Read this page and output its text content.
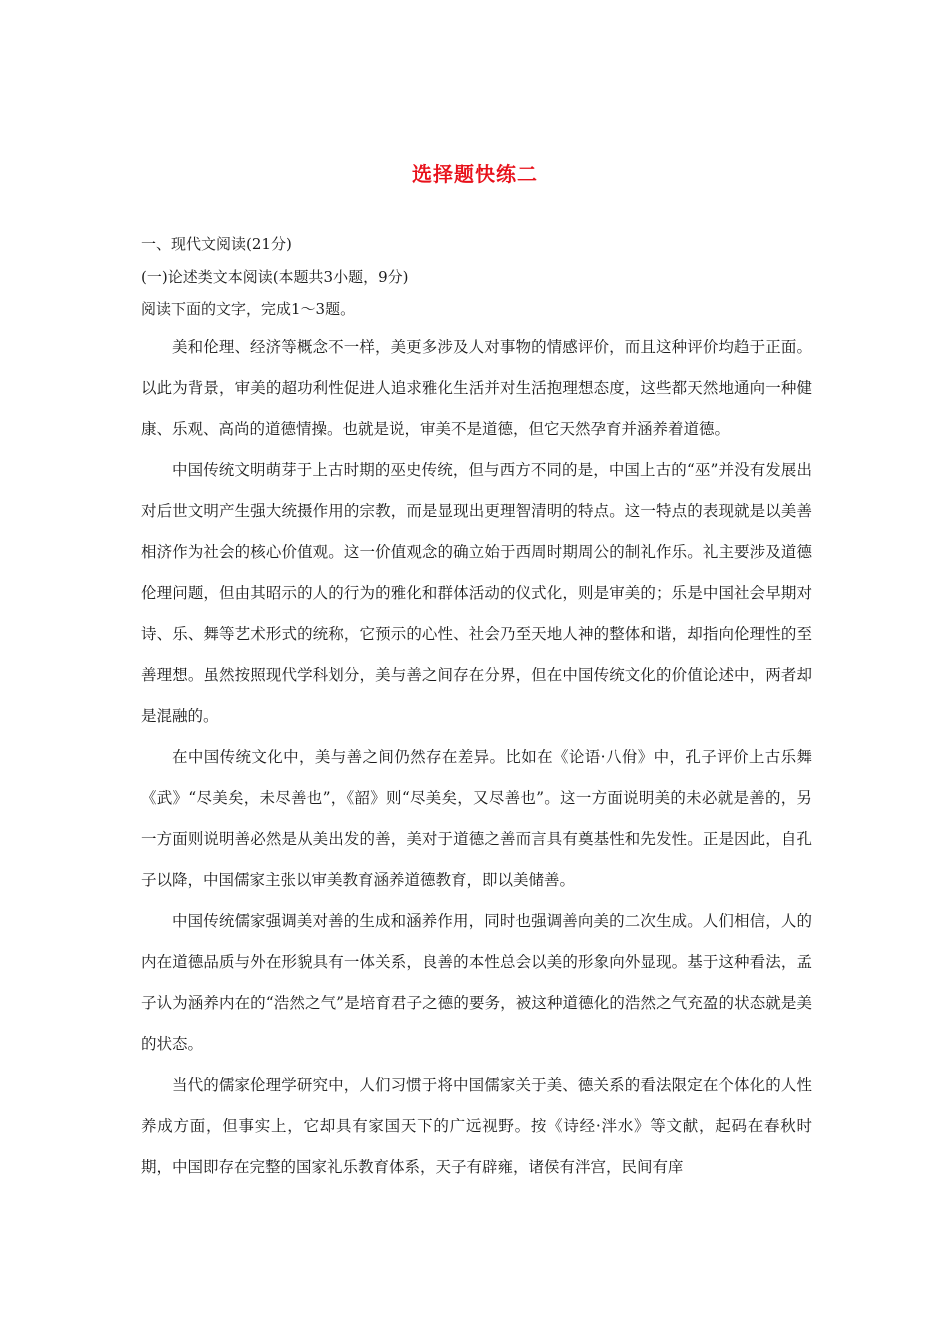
选择题快练二
一、现代文阅读(21分)
(一)论述类文本阅读(本题共3小题，9分)
阅读下面的文字，完成1～3题。

美和伦理、经济等概念不一样，美更多涉及人对事物的情感评价，而且这种评价均趋于正面。以此为背景，审美的超功利性促进人追求雅化生活并对生活抱理想态度，这些都天然地通向一种健康、乐观、高尚的道德情操。也就是说，审美不是道德，但它天然孕育并涵养着道德。

中国传统文明萌芽于上古时期的巫史传统，但与西方不同的是，中国上古的“巫”并没有发展出对后世文明产生强大统摄作用的宗教，而是显现出更理智清明的特点。这一特点的表现就是以美善相济作为社会的核心价值观。这一价值观念的确立始于西周时期周公的制礼作乐。礼主要涉及道德伦理问题，但由其昭示的人的行为的雅化和群体活动的仪式化，则是审美的；乐是中国社会早期对诗、乐、舞等艺术形式的统称，它预示的心性、社会乃至天地人神的整体和谐，却指向伦理性的至善理想。虽然按照现代学科划分，美与善之间存在分界，但在中国传统文化的价值论述中，两者却是混融的。

在中国传统文化中，美与善之间仍然存在差异。比如在《论语·八佾》中，孔子评价上古乐舞《武》“尽美矣，未尽善也”，《韶》则“尽美矣，又尽善也”。这一方面说明美的未必就是善的，另一方面则说明善必然是从美出发的善，美对于道德之善而言具有奠基性和先发性。正是因此，自孔子以降，中国儒家主张以审美教育涵养道德教育，即以美储善。

中国传统儒家强调美对善的生成和涵养作用，同时也强调善向美的二次生成。人们相信，人的内在道德品质与外在形貌具有一体关系，良善的本性总会以美的形象向外显现。基于这种看法，孟子认为涵养内在的“浩然之气”是培育君子之德的要务，被这种道德化的浩然之气充盈的状态就是美的状态。

当代的儒家伦理学研究中，人们习惯于将中国儒家关于美、德关系的看法限定在个体化的人性养成方面，但事实上，它却具有家国天下的广远视野。按《诗经·泮水》等文献，起码在春秋时期，中国即存在完整的国家礼乐教育体系，天子有辟雍，诸侯有泮宫，民间有庠
